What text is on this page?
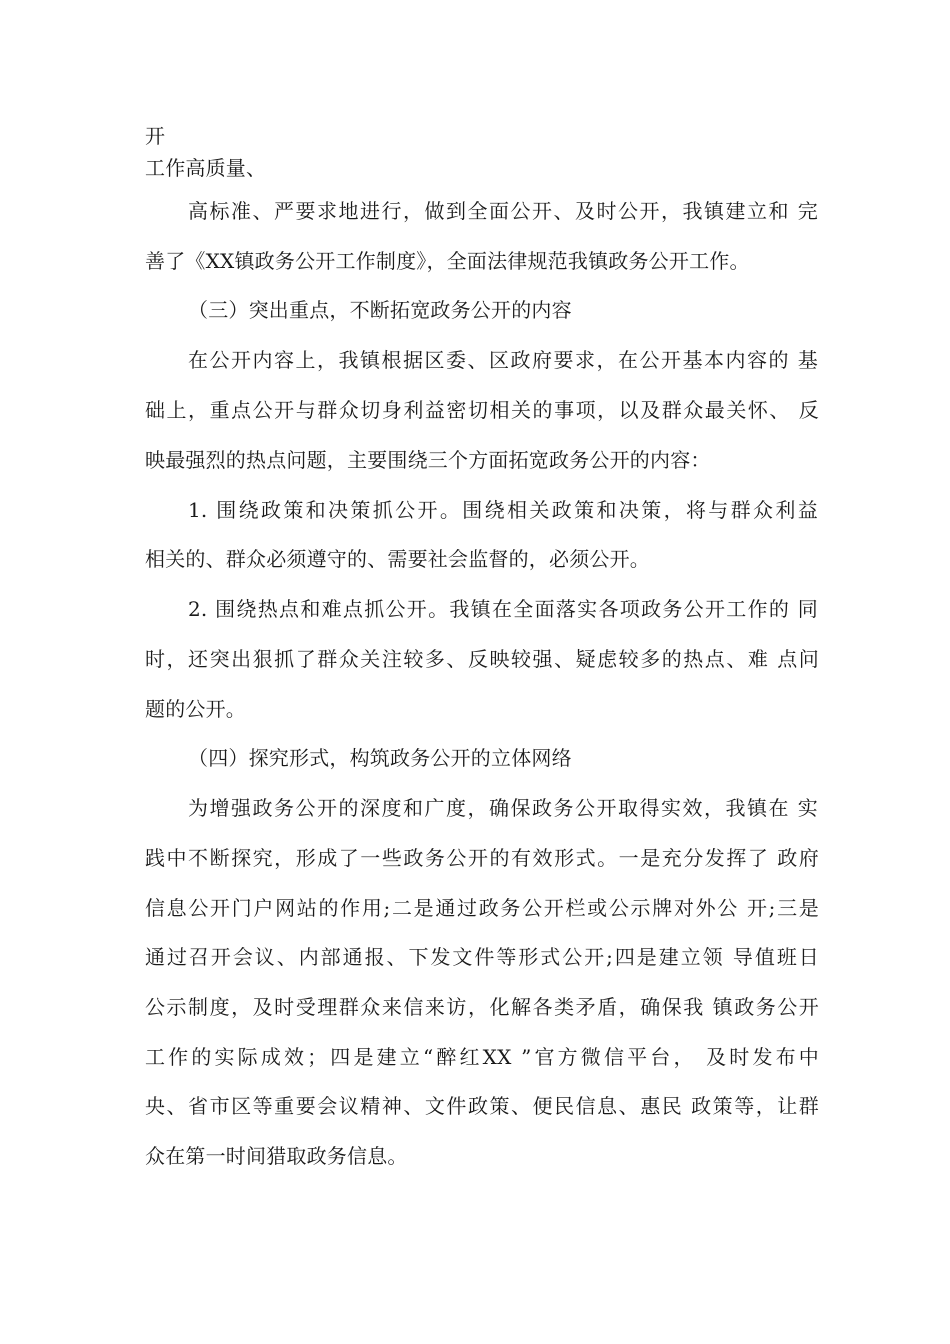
开
工作高质量、
高标准、严要求地进行，做到全面公开、及时公开，我镇建立和 完
善了《XX镇政务公开工作制度》，全面法律规范我镇政务公开工作。
（三）突出重点，不断拓宽政务公开的内容
在公开内容上，我镇根据区委、区政府要求，在公开基本内容的 基
础上，重点公开与群众切身利益密切相关的事项，以及群众最关怀、 反
映最强烈的热点问题，主要围绕三个方面拓宽政务公开的内容：
1. 围绕政策和决策抓公开。围绕相关政策和决策，将与群众利益
相关的、群众必须遵守的、需要社会监督的，必须公开。
2. 围绕热点和难点抓公开。我镇在全面落实各项政务公开工作的 同
时，还突出狠抓了群众关注较多、反映较强、疑虑较多的热点、难 点问
题的公开。
（四）探究形式，构筑政务公开的立体网络
为增强政务公开的深度和广度，确保政务公开取得实效，我镇在 实
践中不断探究，形成了一些政务公开的有效形式。一是充分发挥了 政府
信息公开门户网站的作用;二是通过政务公开栏或公示牌对外公 开;三是
通过召开会议、内部通报、下发文件等形式公开;四是建立领 导值班日
公示制度，及时受理群众来信来访，化解各类矛盾，确保我 镇政务公开
工作的实际成效；四是建立“醉红XX ”官方微信平台， 及时发布中
央、省市区等重要会议精神、文件政策、便民信息、惠民 政策等，让群
众在第一时间猎取政务信息。
